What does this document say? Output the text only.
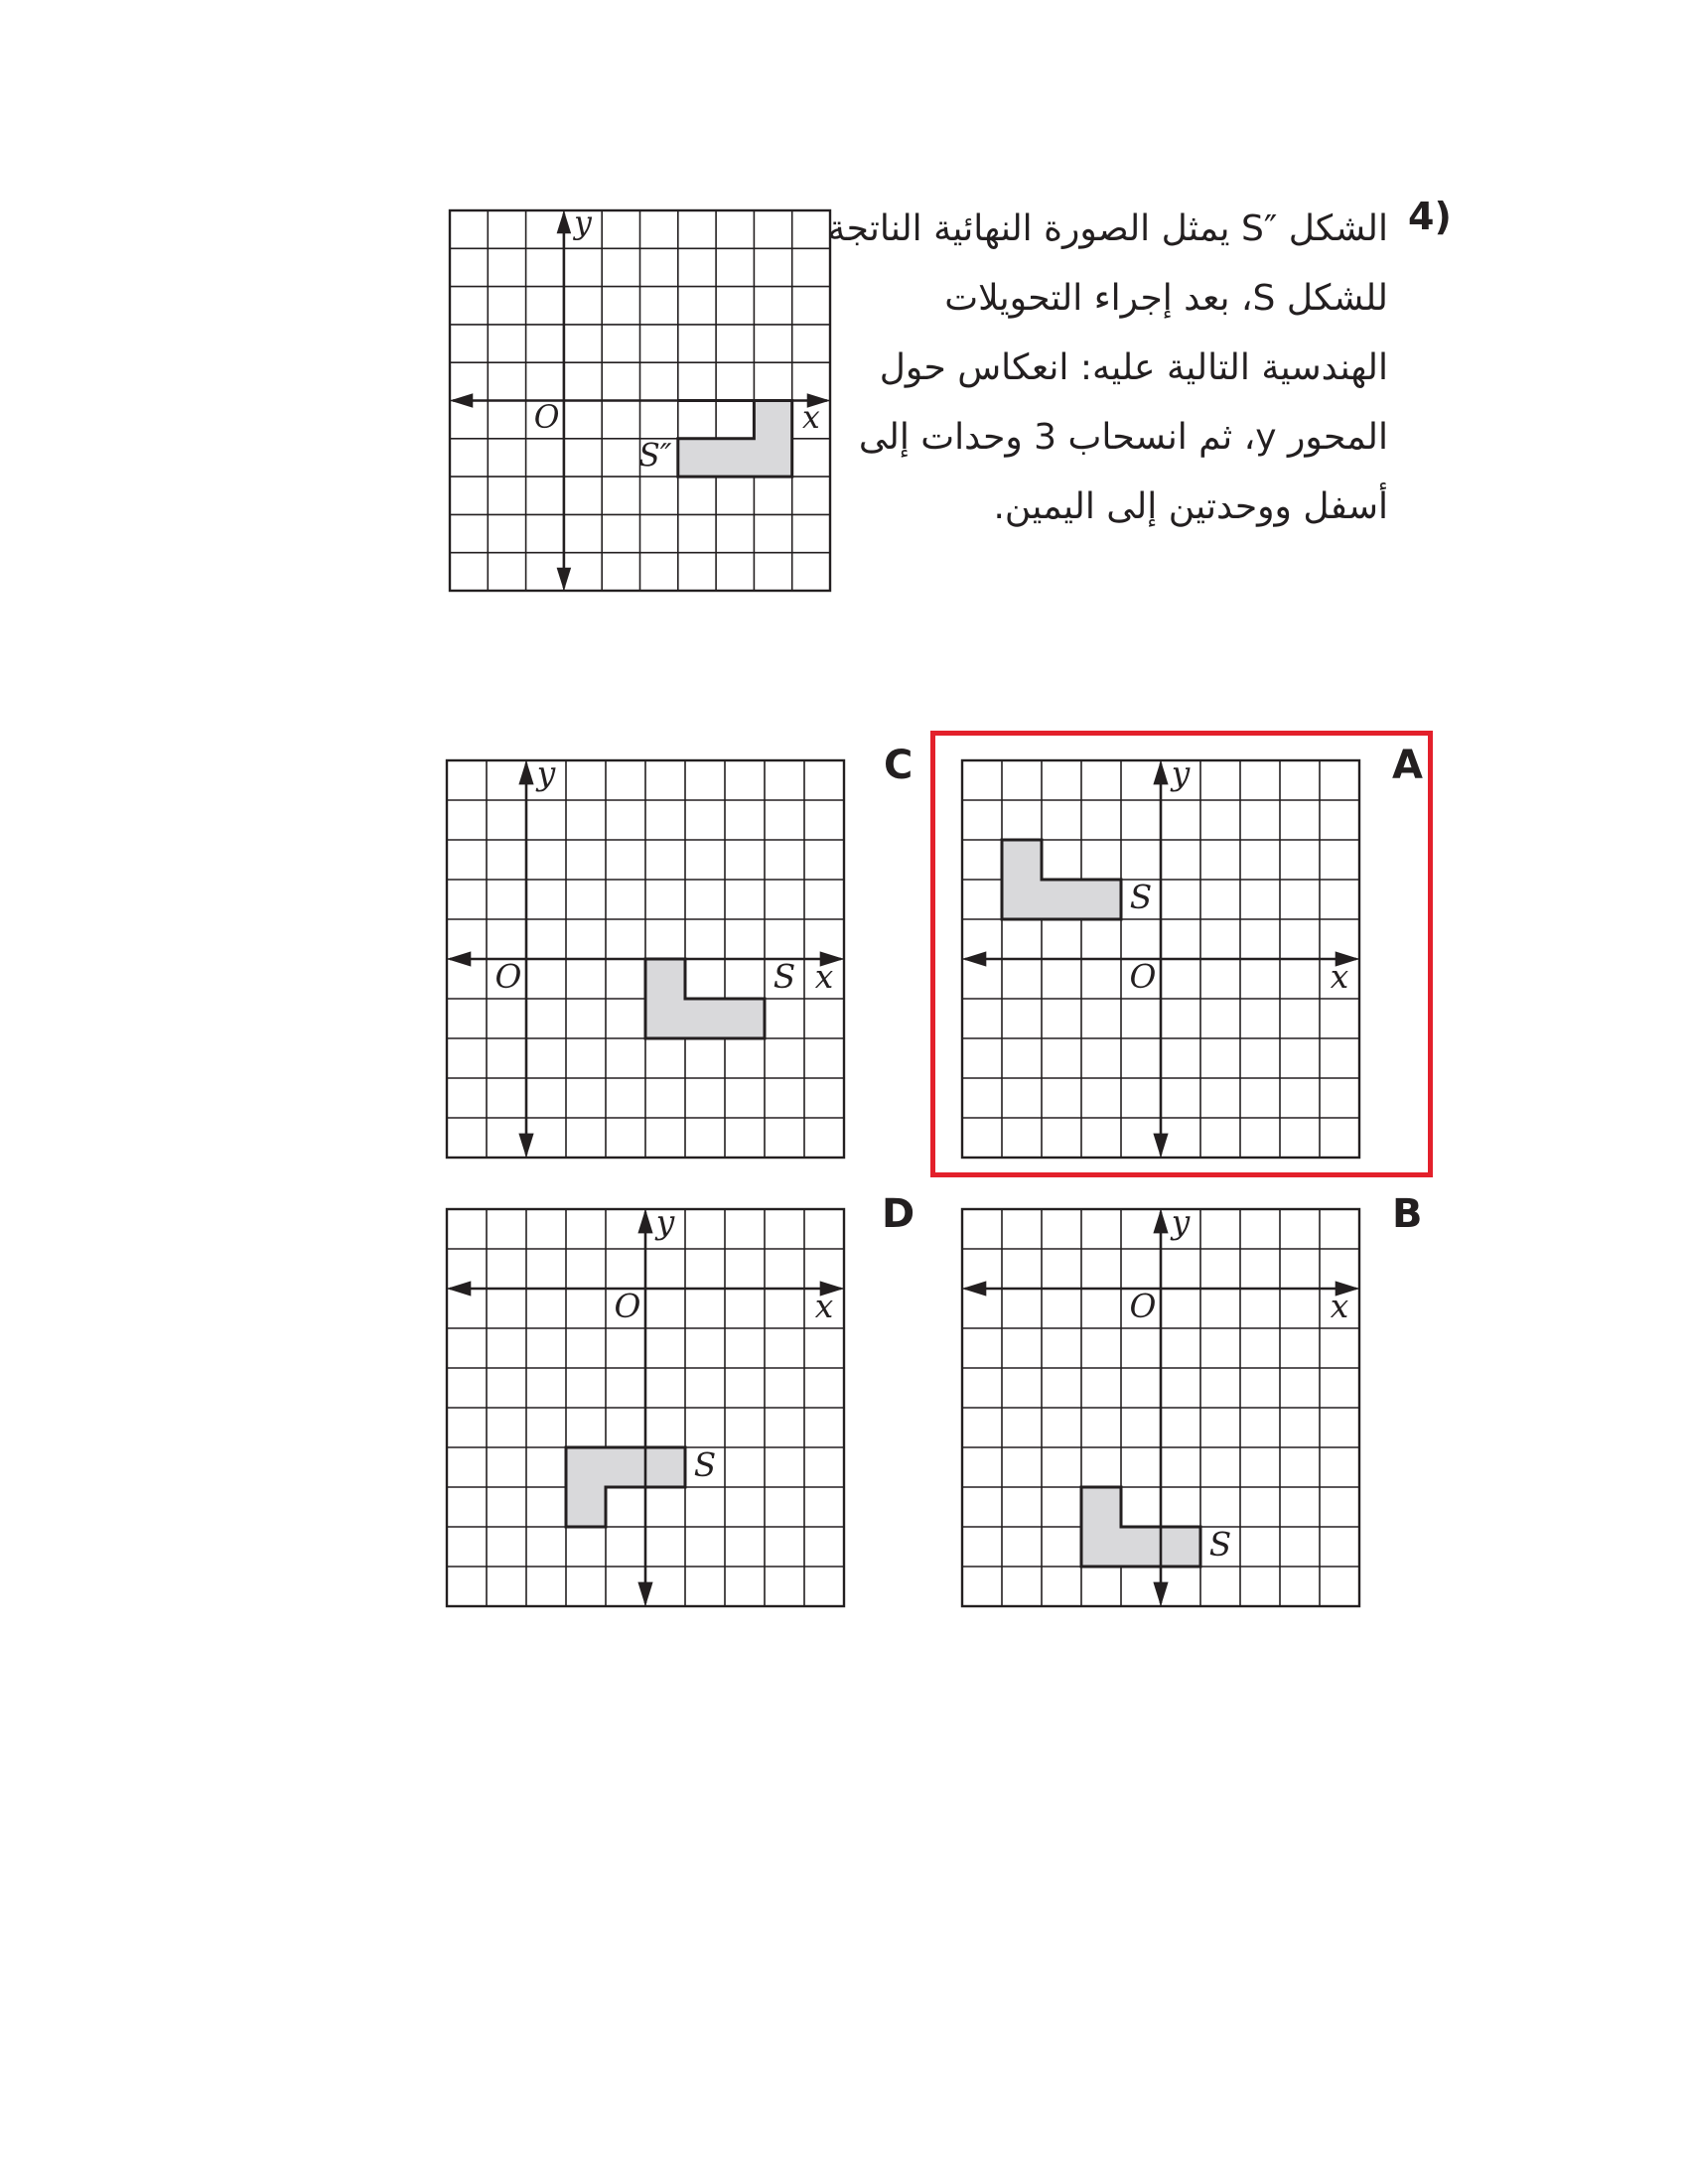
4)
الشكل ″S يمثل الصورة النهائية الناتجة
للشكل S، بعد إجراء التحويلات
الهندسية التالية عليه: انعكاس حول
المحور y، ثم انسحاب 3 وحدات إلى
أسفل ووحدتين إلى اليمين.
y
x
O
S″
y
x
O
S
A
y
x
O
S
B
y
x
O	S
C
y
x
O
S
D
